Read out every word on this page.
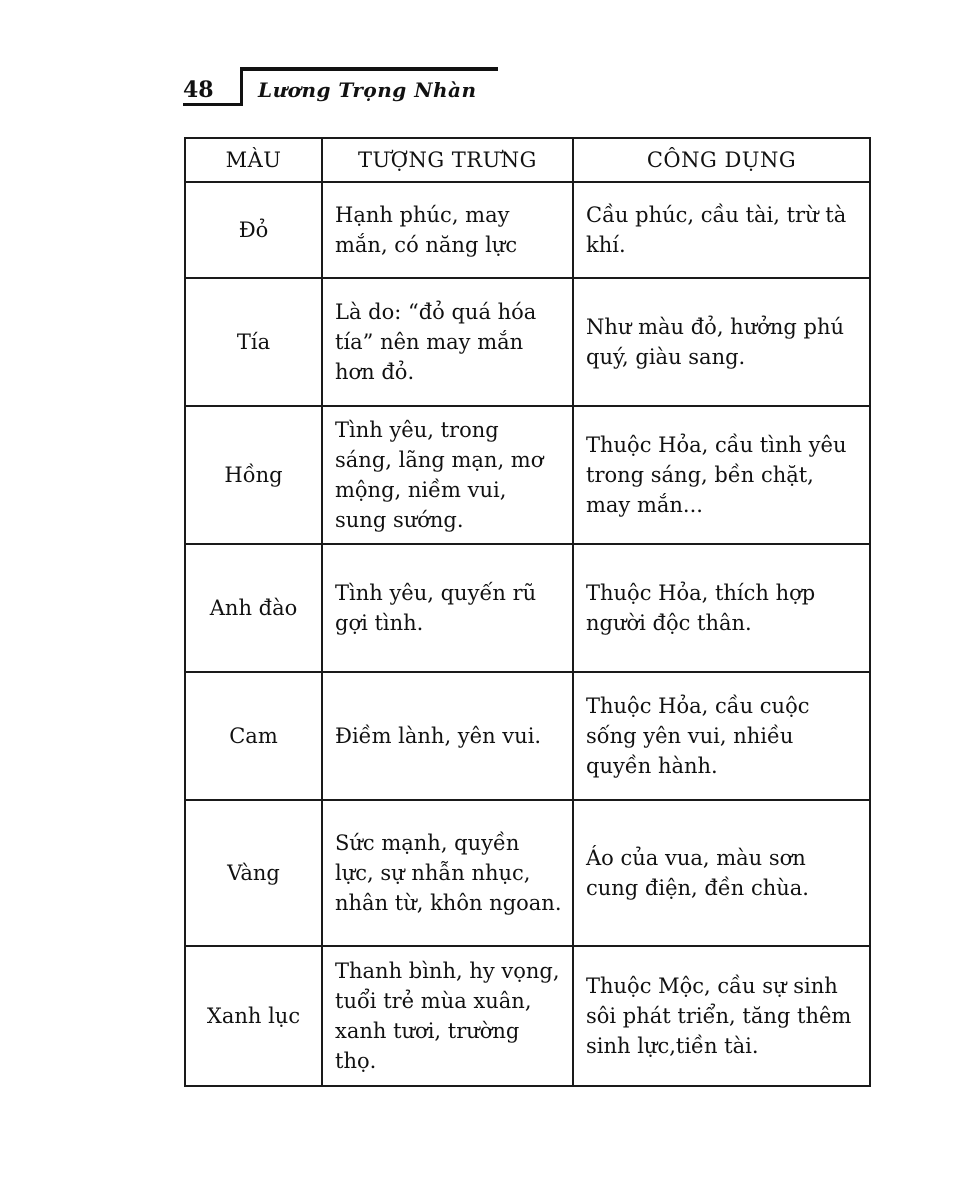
48 Lương Trọng Nhàn
MÀU	TƯỢNG TRƯNG	CÔNG DỤNG
Đỏ	Hạnh phúc, may mắn, có năng lực	Cầu phúc, cầu tài, trừ tà khí.
Tía	Là do: “đỏ quá hóa tía” nên may mắn hơn đỏ.	Như màu đỏ, hưởng phú quý, giàu sang.
Hồng	Tình yêu, trong sáng, lãng mạn, mơ mộng, niềm vui, sung sướng.	Thuộc Hỏa, cầu tình yêu trong sáng, bền chặt, may mắn...
Anh đào	Tình yêu, quyến rũ gợi tình.	Thuộc Hỏa, thích hợp người độc thân.
Cam	Điềm lành, yên vui.	Thuộc Hỏa, cầu cuộc sống yên vui, nhiều quyền hành.
Vàng	Sức mạnh, quyền lực, sự nhẫn nhục, nhân từ, khôn ngoan.	Áo của vua, màu sơn cung điện, đền chùa.
Xanh lục	Thanh bình, hy vọng, tuổi trẻ mùa xuân, xanh tươi, trường thọ.	Thuộc Mộc, cầu sự sinh sôi phát triển, tăng thêm sinh lực,tiền tài.
